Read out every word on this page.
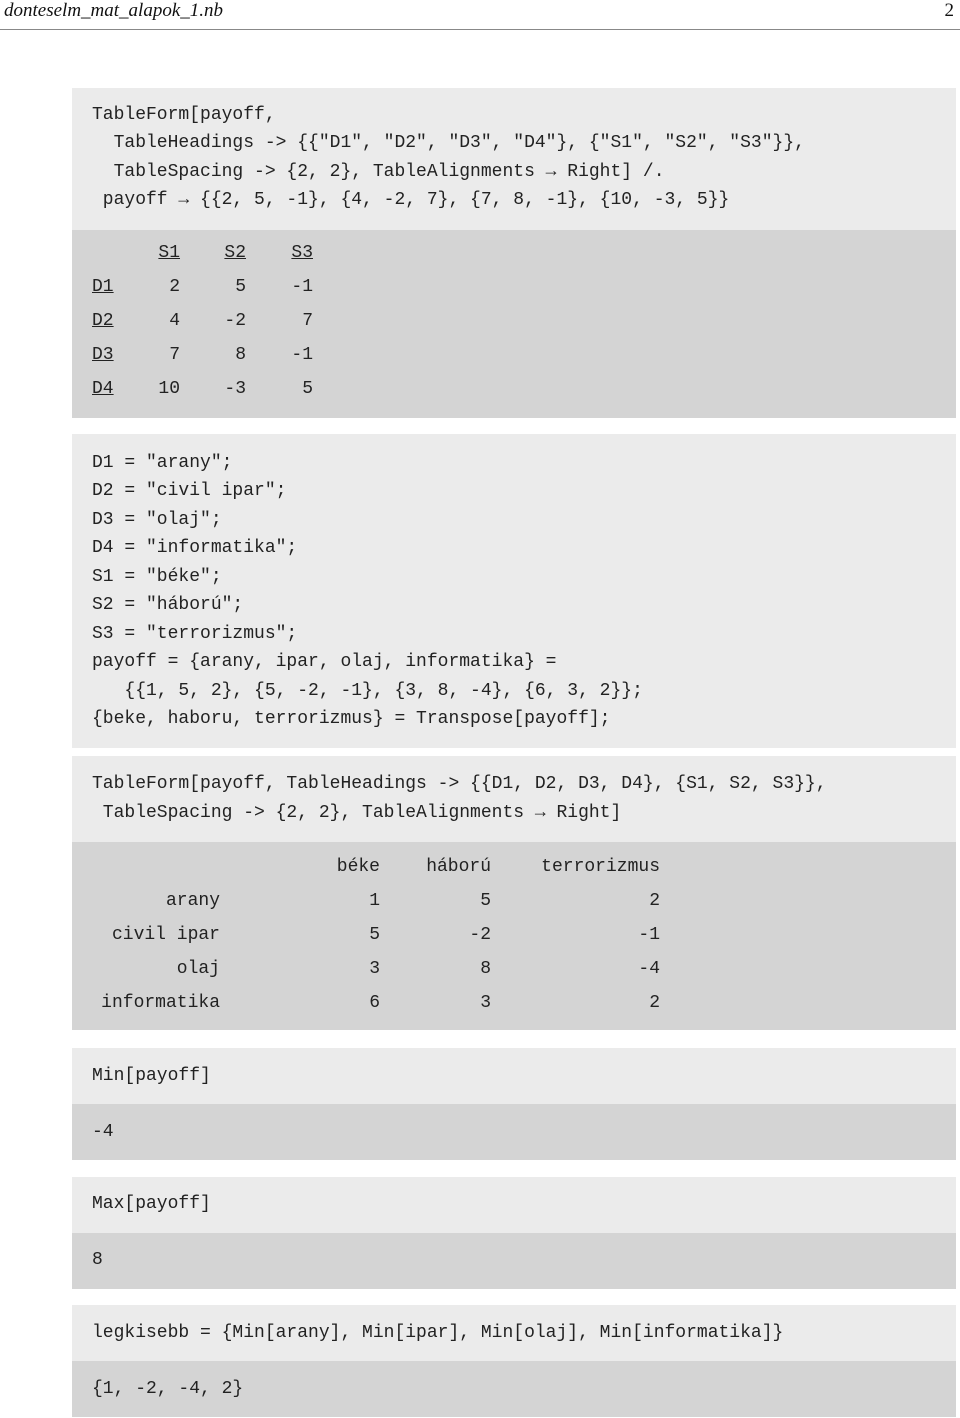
donteselm_mat_alapok_1.nb	2
TableForm[payoff,
TableHeadings -> {{"D1", "D2", "D3", "D4"}, {"S1", "S2", "S3"}},
TableSpacing -> {2, 2}, TableAlignments → Right] /.
payoff → {{2, 5, -1}, {4, -2, 7}, {7, 8, -1}, {10, -3, 5}}
S1 S2	S3
D1	2	5	-1
D2	4 -2	7
D3	7	8	-1
D4 10 -3	5
D1 = "arany";
D2 = "civil ipar";
D3 = "olaj";
D4 = "informatika";
S1 = "béke";
S2 = "háború";
S3 = "terrorizmus";
payoff = {arany, ipar, olaj, informatika} =
{{1, 5, 2}, {5, -2, -1}, {3, 8, -4}, {6, 3, 2}};
{beke, haboru, terrorizmus} = Transpose[payoff];
TableForm[payoff, TableHeadings -> {{D1, D2, D3, D4}, {S1, S2, S3}},
TableSpacing -> {2, 2}, TableAlignments → Right]
béke	háború	terrorizmus
arany	1	5	2
civil ipar	5	-2	-1
olaj	3	8	-4
informatika	6	3	2
Min[payoff]
-4
Max[payoff]
8
legkisebb = {Min[arany], Min[ipar], Min[olaj], Min[informatika]}
{1, -2, -4, 2}
